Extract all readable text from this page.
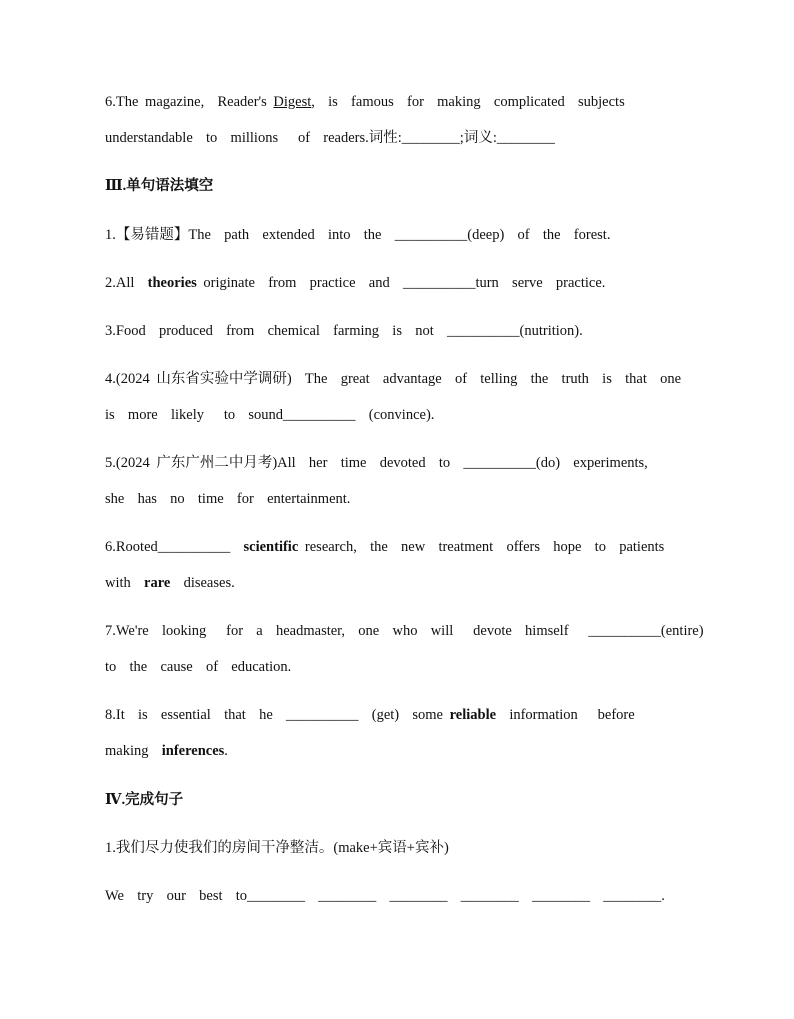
6.The magazine,  Reader's Digest,  is  famous  for  making  complicated  subjects
understandable  to  millions   of  readers.词性:________;词义:________
Ⅲ.单句语法填空
1.【易错题】The  path  extended  into  the  __________(deep)  of  the  forest.
2.All  theories originate  from  practice  and  __________turn  serve  practice.
3.Food  produced  from  chemical  farming  is  not  __________(nutrition).
4.(2024 山东省实验中学调研)  The  great  advantage  of  telling  the  truth  is  that  one
is  more  likely   to  sound__________  (convince).
5.(2024 广东广州二中月考)All  her  time  devoted  to  __________(do)  experiments,
she  has  no  time  for  entertainment.
6.Rooted__________  scientific research,  the  new  treatment  offers  hope  to  patients
with  rare  diseases.
7.We're  looking   for  a  headmaster,  one  who  will   devote  himself   __________(entire)
to  the  cause  of  education.
8.It  is  essential  that  he  __________  (get)  some reliable  information   before
making  inferences.
Ⅳ.完成句子
1.我们尽力使我们的房间干净整洁。(make+宾语+宾补)
We  try  our  best  to________  ________  ________  ________  ________  ________.
